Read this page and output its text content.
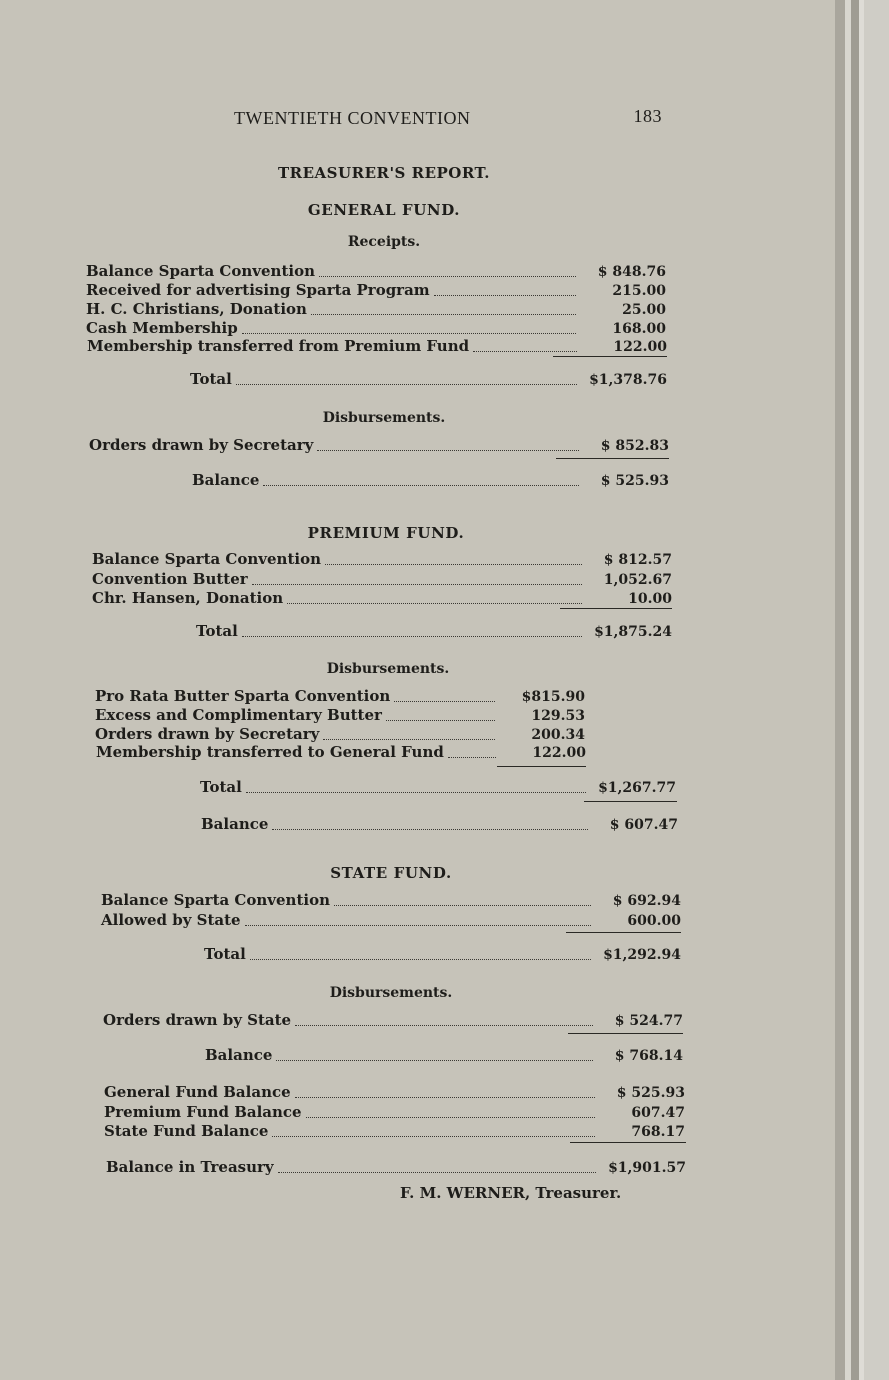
TWENTIETH CONVENTION	183
TREASURER'S REPORT.
GENERAL FUND.
Receipts.
Balance Sparta Convention	$ 848.76
Received for advertising Sparta Program	215.00
H. C. Christians, Donation	25.00
Cash Membership	168.00
Membership transferred from Premium Fund	122.00
Total	$1,378.76
Disbursements.
Orders drawn by Secretary	$ 852.83
Balance	$ 525.93
PREMIUM FUND.
Balance Sparta Convention	$ 812.57
Convention Butter	1,052.67
Chr. Hansen, Donation	10.00
Total	$1,875.24
Disbursements.
Pro Rata Butter Sparta Convention	$815.90
Excess and Complimentary Butter	129.53
Orders drawn by Secretary	200.34
Membership transferred to General Fund	122.00
Total	$1,267.77
Balance	$ 607.47
STATE FUND.
Balance Sparta Convention	$ 692.94
Allowed by State	600.00
Total	$1,292.94
Disbursements.
Orders drawn by State	$ 524.77
Balance	$ 768.14
General Fund Balance	$ 525.93
Premium Fund Balance	607.47
State Fund Balance	768.17
Balance in Treasury	$1,901.57
F. M. WERNER, Treasurer.
